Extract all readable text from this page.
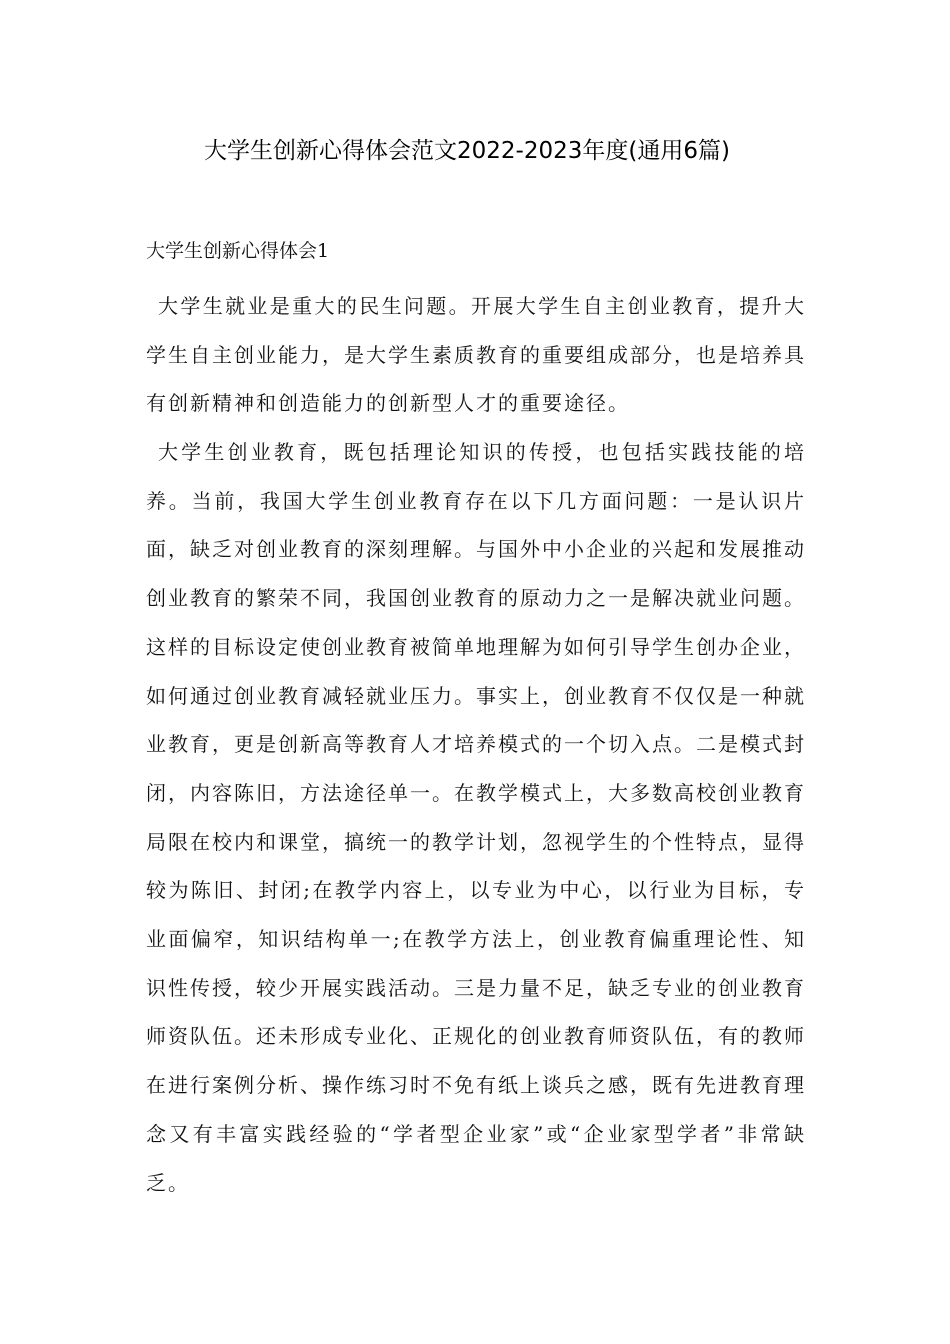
大学生创新心得体会范文2022-2023年度(通用6篇)
大学生创新心得体会1

大学生就业是重大的民生问题。开展大学生自主创业教育，提升大学生自主创业能力，是大学生素质教育的重要组成部分，也是培养具有创新精神和创造能力的创新型人才的重要途径。

大学生创业教育，既包括理论知识的传授，也包括实践技能的培养。当前，我国大学生创业教育存在以下几方面问题：一是认识片面，缺乏对创业教育的深刻理解。与国外中小企业的兴起和发展推动创业教育的繁荣不同，我国创业教育的原动力之一是解决就业问题。这样的目标设定使创业教育被简单地理解为如何引导学生创办企业，如何通过创业教育减轻就业压力。事实上，创业教育不仅仅是一种就业教育，更是创新高等教育人才培养模式的一个切入点。二是模式封闭，内容陈旧，方法途径单一。在教学模式上，大多数高校创业教育局限在校内和课堂，搞统一的教学计划，忽视学生的个性特点，显得较为陈旧、封闭;在教学内容上，以专业为中心，以行业为目标，专业面偏窄，知识结构单一;在教学方法上，创业教育偏重理论性、知识性传授，较少开展实践活动。三是力量不足，缺乏专业的创业教育师资队伍。还未形成专业化、正规化的创业教育师资队伍，有的教师在进行案例分析、操作练习时不免有纸上谈兵之感，既有先进教育理念又有丰富实践经验的“学者型企业家”或“企业家型学者”非常缺乏。
